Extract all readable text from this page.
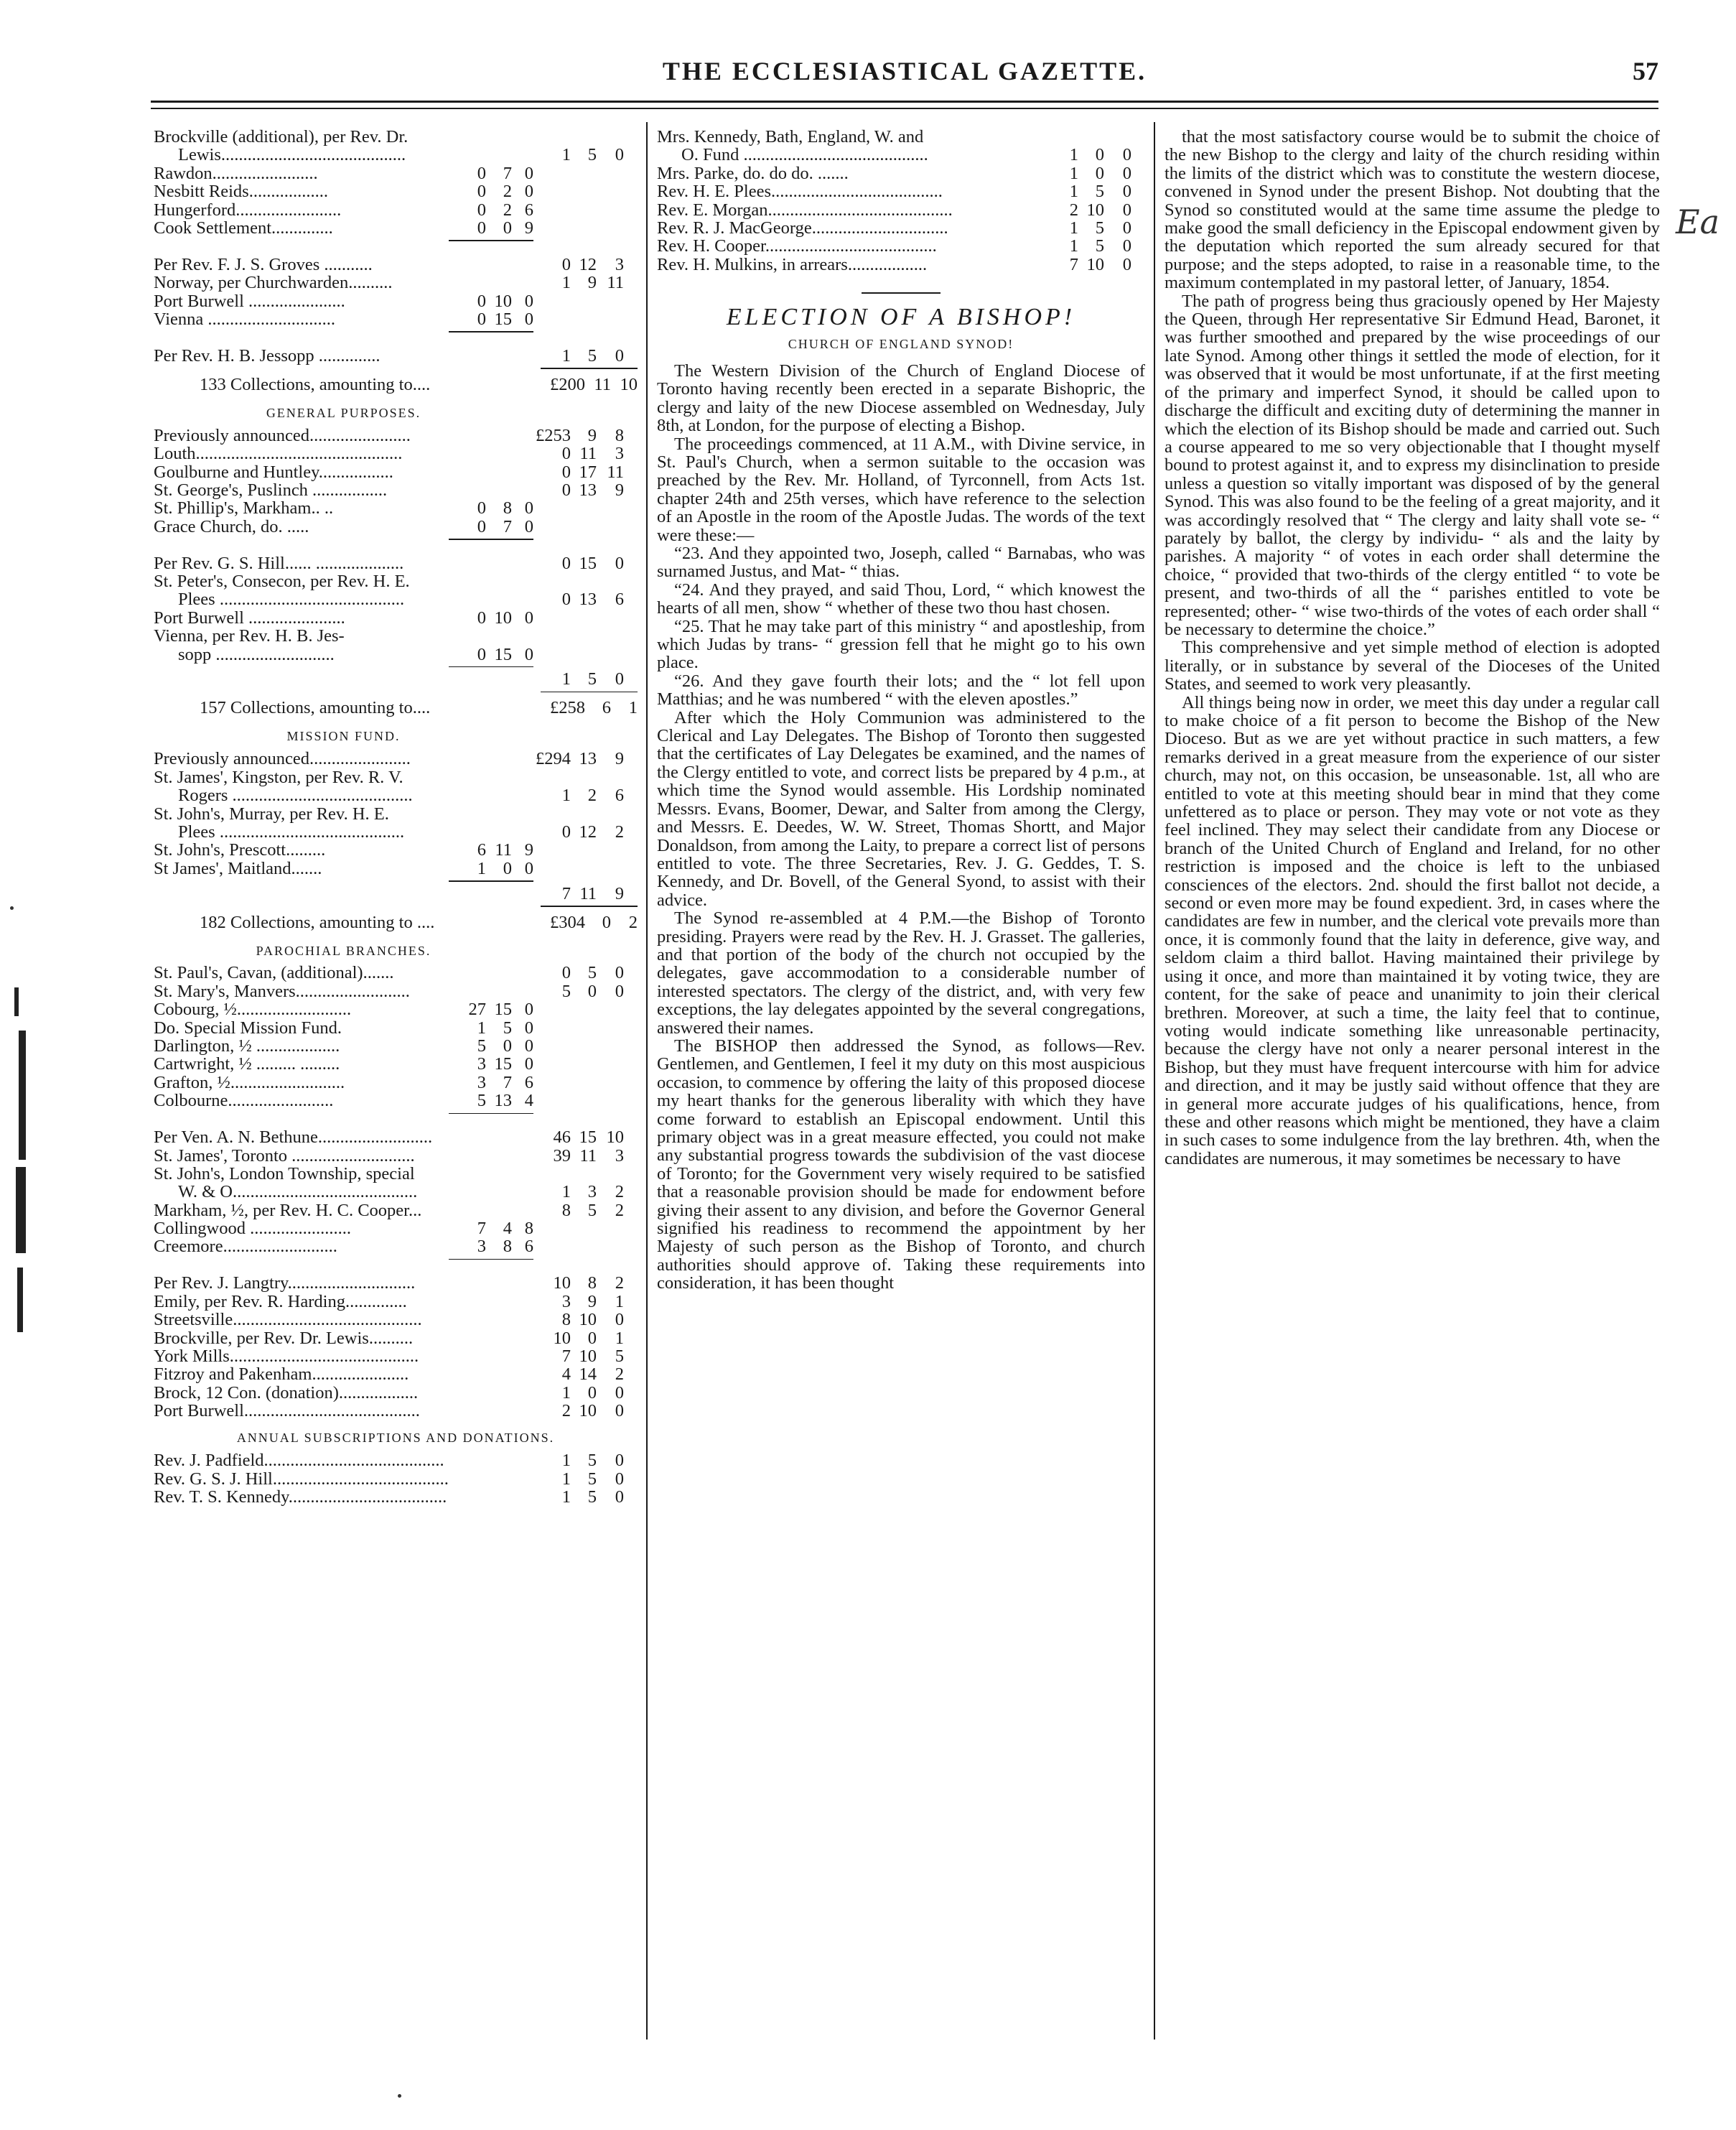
THE ECCLESIASTICAL GAZETTE.	57
Ea
Brockville (additional), per Rev. Dr.
Lewis..........................................	1 5	0
Rawdon........................	0 7 0
Nesbitt Reids..................	0 2 0
Hungerford........................	0 2 6
Cook Settlement..............	0 0 9
Per Rev. F. J. S. Groves ...........	0 12	3
Norway, per Churchwarden..........	1 9 11
Port Burwell ......................	0 10 0
Vienna .............................	0 15 0
Per Rev. H. B. Jessopp ..............	1 5	0
133 Collections, amounting to....	£200 11 10
GENERAL PURPOSES.
Previously announced.......................	£253 9	8
Louth...............................................	0 11	3
Goulburne and Huntley.................	0 17 11
St. George's, Puslinch .................	0 13	9
St. Phillip's, Markham.. ..	0 8 0
Grace Church, do. .....	0 7 0
Per Rev. G. S. Hill...... ....................	0 15	0
St. Peter's, Consecon, per Rev. H. E.
Plees ..........................................	0 13	6
Port Burwell ......................	0 10 0
Vienna, per Rev. H. B. Jes-
sopp ...........................	0 15 0
1 5	0
157 Collections, amounting to....	£258 6	1
MISSION FUND.
Previously announced.......................	£294 13	9
St. James', Kingston, per Rev. R. V.
Rogers .........................................	1 2	6
St. John's, Murray, per Rev. H. E.
Plees ..........................................	0 12	2
St. John's, Prescott.........	6 11 9
St James', Maitland.......	1 0 0
7 11	9
182 Collections, amounting to ....	£304 0	2
PAROCHIAL BRANCHES.
St. Paul's, Cavan, (additional).......	0 5	0
St. Mary's, Manvers..........................	5 0	0
Cobourg, ½..........................	27 15 0
Do. Special Mission Fund.	1 5 0
Darlington, ½ ...................	5 0 0
Cartwright, ½ ......... .........	3 15 0
Grafton, ½..........................	3 7 6
Colbourne........................	5 13 4
Per Ven. A. N. Bethune..........................	46 15 10
St. James', Toronto ............................	39 11	3
St. John's, London Township, special
W. & O..........................................	1 3	2
Markham, ½, per Rev. H. C. Cooper...	8 5	2
Collingwood .......................	7 4 8
Creemore..........................	3 8 6
Per Rev. J. Langtry.............................	10 8	2
Emily, per Rev. R. Harding..............	3 9	1
Streetsville...........................................	8 10	0
Brockville, per Rev. Dr. Lewis..........	10 0	1
York Mills...........................................	7 10	5
Fitzroy and Pakenham......................	4 14	2
Brock, 12 Con. (donation)..................	1 0	0
Port Burwell........................................	2 10	0
ANNUAL SUBSCRIPTIONS AND DONATIONS.
Rev. J. Padfield.........................................	1 5	0
Rev. G. S. J. Hill........................................	1 5	0
Rev. T. S. Kennedy....................................	1 5	0
Mrs. Kennedy, Bath, England, W. and
O. Fund ..........................................	1 0	0
Mrs. Parke, do. do do. .......	1 0	0
Rev. H. E. Plees.......................................	1 5	0
Rev. E. Morgan..........................................	2 10	0
Rev. R. J. MacGeorge...............................	1 5	0
Rev. H. Cooper.......................................	1 5	0
Rev. H. Mulkins, in arrears..................	7 10	0
ELECTION OF A BISHOP!
CHURCH OF ENGLAND SYNOD!

The Western Division of the Church of England Diocese of Toronto having recently been erected in a separate Bishopric, the clergy and laity of the new Diocese assembled on Wednesday, July 8th, at London, for the purpose of electing a Bishop.

The proceedings commenced, at 11 A.M., with Divine service, in St. Paul's Church, when a sermon suitable to the occasion was preached by the Rev. Mr. Holland, of Tyrconnell, from Acts 1st. chapter 24th and 25th verses, which have reference to the selection of an Apostle in the room of the Apostle Judas. The words of the text were these:—

“23. And they appointed two, Joseph, called “ Barnabas, who was surnamed Justus, and Mat- “ thias.

“24. And they prayed, and said Thou, Lord, “ which knowest the hearts of all men, show “ whether of these two thou hast chosen.

“25. That he may take part of this ministry “ and apostleship, from which Judas by trans- “ gression fell that he might go to his own place.

“26. And they gave fourth their lots; and the “ lot fell upon Matthias; and he was numbered “ with the eleven apostles.”

After which the Holy Communion was administered to the Clerical and Lay Delegates. The Bishop of Toronto then suggested that the certificates of Lay Delegates be examined, and the names of the Clergy entitled to vote, and correct lists be prepared by 4 p.m., at which time the Synod would assemble. His Lordship nominated Messrs. Evans, Boomer, Dewar, and Salter from among the Clergy, and Messrs. E. Deedes, W. W. Street, Thomas Shortt, and Major Donaldson, from among the Laity, to prepare a correct list of persons entitled to vote. The three Secretaries, Rev. J. G. Geddes, T. S. Kennedy, and Dr. Bovell, of the General Syond, to assist with their advice.

The Synod re-assembled at 4 P.M.—the Bishop of Toronto presiding. Prayers were read by the Rev. H. J. Grasset. The galleries, and that portion of the body of the church not occupied by the delegates, gave accommodation to a considerable number of interested spectators. The clergy of the district, and, with very few exceptions, the lay delegates appointed by the several congregations, answered their names.

The BISHOP then addressed the Synod, as follows—Rev. Gentlemen, and Gentlemen, I feel it my duty on this most auspicious occasion, to commence by offering the laity of this proposed diocese my heart thanks for the generous liberality with which they have come forward to establish an Episcopal endowment. Until this primary object was in a great measure effected, you could not make any substantial progress towards the subdivision of the vast diocese of Toronto; for the Government very wisely required to be satisfied that a reasonable provision should be made for endowment before giving their assent to any division, and before the Governor General signified his readiness to recommend the appointment by her Majesty of such person as the Bishop of Toronto, and church authorities should approve of. Taking these requirements into consideration, it has been thought

that the most satisfactory course would be to submit the choice of the new Bishop to the clergy and laity of the church residing within the limits of the district which was to constitute the western diocese, convened in Synod under the present Bishop. Not doubting that the Synod so constituted would at the same time assume the pledge to make good the small deficiency in the Episcopal endowment given by the deputation which reported the sum already secured for that purpose; and the steps adopted, to raise in a reasonable time, to the maximum contemplated in my pastoral letter, of January, 1854.

The path of progress being thus graciously opened by Her Majesty the Queen, through Her representative Sir Edmund Head, Baronet, it was further smoothed and prepared by the wise proceedings of our late Synod. Among other things it settled the mode of election, for it was observed that it would be most unfortunate, if at the first meeting of the primary and imperfect Synod, it should be called upon to discharge the difficult and exciting duty of determining the manner in which the election of its Bishop should be made and carried out. Such a course appeared to me so very objectionable that I thought myself bound to protest against it, and to express my disinclination to preside unless a question so vitally important was disposed of by the general Synod. This was also found to be the feeling of a great majority, and it was accordingly resolved that “ The clergy and laity shall vote se- “ parately by ballot, the clergy by individu- “ als and the laity by parishes. A majority “ of votes in each order shall determine the choice, “ provided that two-thirds of the clergy entitled “ to vote be present, and two-thirds of all the “ parishes entitled to vote be represented; other- “ wise two-thirds of the votes of each order shall “ be necessary to determine the choice.”

This comprehensive and yet simple method of election is adopted literally, or in substance by several of the Dioceses of the United States, and seemed to work very pleasantly.

All things being now in order, we meet this day under a regular call to make choice of a fit person to become the Bishop of the New Dioceso. But as we are yet without practice in such matters, a few remarks derived in a great measure from the experience of our sister church, may not, on this occasion, be unseasonable. 1st, all who are entitled to vote at this meeting should bear in mind that they come unfettered as to place or person. They may vote or not vote as they feel inclined. They may select their candidate from any Diocese or branch of the United Church of England and Ireland, for no other restriction is imposed and the choice is left to the unbiased consciences of the electors. 2nd. should the first ballot not decide, a second or even more may be found expedient. 3rd, in cases where the candidates are few in number, and the clerical vote prevails more than once, it is commonly found that the laity in deference, give way, and seldom claim a third ballot. Having maintained their privilege by using it once, and more than maintained it by voting twice, they are content, for the sake of peace and unanimity to join their clerical brethren. Moreover, at such a time, the laity feel that to continue, voting would indicate something like unreasonable pertinacity, because the clergy have not only a nearer personal interest in the Bishop, but they must have frequent intercourse with him for advice and direction, and it may be justly said without offence that they are in general more accurate judges of his qualifications, hence, from these and other reasons which might be mentioned, they have a claim in such cases to some indulgence from the lay brethren. 4th, when the candidates are numerous, it may sometimes be necessary to have
